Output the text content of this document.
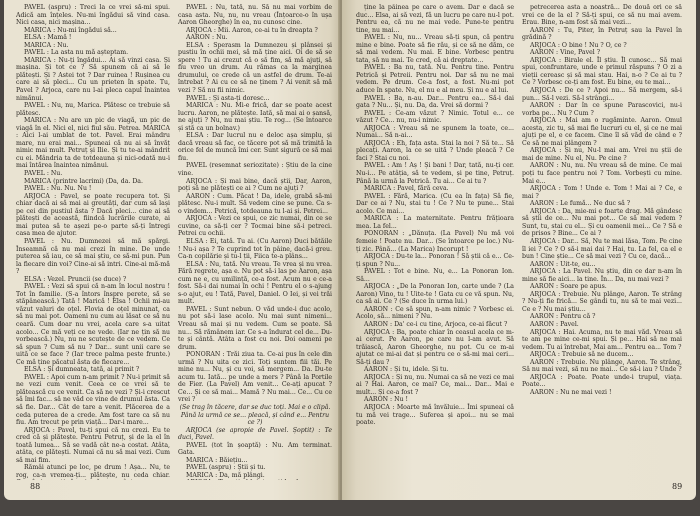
PAVEL (aspru) : Treci la ce vrei să-mi spui. Adică am înțeles. Nu-mi îngădui să vind casa. Nici casa, nici mașina...

MARICA : Nu-mi îngădui să...

ELSA : Mamă !

MARICA : Nu.

PAVEL : La asta nu mă așteptam.

MARICA : Nu-ți îngădui... Ai să vinzi casa. Și mașina. Și tot ce ? Să spunem că ai să le plătești. Și ? Astei tot ? Dar ruinea ! Rușinea cu care ai să pleci... Cu un prieten în spate. Tu, Pavel ? Arjoca, care nu l-ai pleca capul înaintea nimănui.

PAVEL : Nu, nu, Marica. Plătesc ce trebuie să plătesc.

MARICA : Nu are un pic de viagă, un pic de viagă în el. Nici el, nici fiul său. Petrea. MARICA : Aici l-ai umblat de tot. Pavel. Erai mândru mare, nu erai mai... Spuneai că nu ai să învăț nimic mai mult. Petruț și Ilie. Și tu te-ai mândrit cu ei. Mândria ta de totdeauna și nici-odată nu-i mai întărea înaintea nimănui.

PAVEL : Nu.

MARICA (printre lacrimi) (Da, da. Da.

PAVEL : Nu. Nu. Nu !

ARJOCA : Pavel, se poate recupera tot. Și chiar dacă ai să mai ai greutăți, dar cum să lași pe cei din pustiul ăsta ? Dacă pleci... cine ai să plătești de această, fiindcă lucrările curate, ai mai putea să te așezi pe-o parte să-ți întregi casa mea de ajutor.

PAVEL : Nu. Dumnezei să mă spărgi. Înseamnă că nu mai crezi în mine. De unde puterea să iau, ce să mai știu, ce să-mi pun. Pun la fiecare din voi? Cine-ai să intri. Cine-ai mă-mă ?

ELSA : Vezel. Pruncii (se duce) ?

PAVEL : Vezi să spui că n-am în locul nostru ! Tot în familie. (S-a întors înspre perete, să se stăpânească.) Tată ! Marică ! Elsa ! Ochii mi-au văzut valuri de oțel. Flovia de oțel minunat, ca să nu mai pot. Oameni nu cum au lăsat ce să nu ceară. Cum doar nu vrei, acela care s-a uitat acolo... Ce mă veți ce ne vede. (Iar ne țin să nu vorbească.) Nu, nu ne scutește de ce vedem. Ce să spun ? Cum să nu ? Dar... sunt unii care se uită ce se face ? (Iar trece palma peste frunte.) Ce mă ține păcatul ăsta de fiecare...

ELSA : Și dumneata, tată, ai primit ?

PAVEL : Apoi cum n-am primit ? Nu-i primit să ne vezi cum venit. Ceea ce ce vrei să te plătească cu ce venit. Ca să ne vezi ? Și-i crescut să îmi fac... să ne văd ce vine de drumul ăsta. Ca să fie. Dar... Cât de tare a venit. Plăcerea de a ceda puterea de a crede. Am fost tare ca să nu fiu. Am trecut pe prin viață... Dar-i mare...

ARJOCA : Pavel, tu-ți spui că nu crezi. Eu te cred că și plătește. Pentru Petruț, și de la el în toată lumea... Să se vadă cât ne-a costat. Atâta, atâta, ce plătești. Numai că nu să mai vezi. Cum să mai fim.

Rămâi atunci pe loc, pe drum ! Așa... Nu, te rog, ca-n vremea-ți... plătește, nu ceda chiar.

PAVEL : Nu, tată, nu. Să nu mai vorbim de casa asta. Nu, nu, nu vreau (Înțoarce-o în ușa Aaron Gheorghe) în ea, nu cunosc cine.

ARJOCA : Mii. Aaron, ce-ai tu în dreapta ?

AARON : Nu.

ELSA : Sperasm la Dumnezeu și plânsei și pustiu în ochii mei, să mă ține aici. Oi de să se spere ! Tu ai crezut că o să fim, să mă ajuți, să fiu vreo un drum. Au rămas ca la marginea drumului, ce crede că un astfel de drum. Te-ai întrebat ? Ai cu ce să ne ținem ? Ai venit să mă vezi ? Să nu fii nimic.

PAVEL : Și asta-ți doresc...

MARICA : Nu. Mi-e frică, dar se poate acest lucru. Aaron, ne plătește. Iată, să mai ai o șansă, ne ajuți ? Nu, nu mai știu. Te rog... (Se întoarce și stă ca un bolnav.)

ELSA : Dar lucrul nu e deloc așa simplu, și dacă vreau să fac, ce tăcere pot să mă trimită la orice fel de muncă îmi cer. Sunt sigură ce să mai fiu.

PAVEL (resemnat seriozitate) : Știu de la cine vine.

ARJOCA : Și mai bine, dacă știi, Dar, Aaron, poți să ne plătești ce ai ? Cum ne ajuți ?

AARON : Cum. Păcat ! Da, idele, grabă să-mi plătesc. Nu-i mult. Să vedem cine se pune. Ca s-o vindem... Petrică, totdeauna tu l-ai și. Petrei...

ARJOCA : Vezi ce spui, ce zic numai, din ce se cuvine, ca să-ți cer ? Tocmai bine să-i petreci. Petrei cu ochii.

ELSA : Ei, tată. Tu ai. (Cu Aaron) Duci bătăile ! Nu-i așa ? Te cuprind tot în pâine, dacă-i greu. Ca-n copilărie și tu-l ții, Fiica te-a plâns...

ELSA : Nu, tată. Nu vreau. Te vrea și nu vrea. Fără regrete, așa e. Nu pot să-i las pe Aaron, așa cum ne e, cu umilință, ce-a fost. Acum nu e ce-a fost. Să-i dai numai în ochi ! Pentru el o s-ajung s-o ajut, eu ! Tată, Pavel, Daniel. O Iei, și vei trăi mult.

PAVEL : Sunt nebun. O văd unde-i duc acolo, nu pot să-i lase acolo. Nu mai sunt nimeni... Vreau să mai și nu vedem. Cum se poate. Să nu... Să rămânem iar. Ce s-a îndurat cel de... Du-te și cântă. Atâta a fost cu noi. Doi oameni pe drum.

PONORAN : Trăi ziua ta. Ce-ai pus în cele din urmă ? Nu uita ce zici. Toți suntem fiii tăi. Pe mine nu... Nu, și cu voi, să mergem... Da. Du-te acum tu. Iată... pe unde a mers ? Până la Portile de Fier. (La Pavel) Am venit... Ce-ați apucat ? Ce... Și ce să mai... Mamă ? Nu mai... Ce... Cu ce vrei ?

(Se trag în tăcere, dar se duc toți. Mai e o clipă. Până la urmă ce se... pleacă, și când e... Pentru ce ?)

ARJOCA (se apropie de Pavel. Șoptit) : Te duci, Pavel.

PAVEL (tot în șoaptă) : Nu. Am terminat. Gata.

MARICA : Băiețiu...

PAVEL (aspru) : Știi și tu.

MARICA : Da, mă plângi.

88

ține la pâinea pe care o avem. Dar e dacă se duc... Elsa, ai să vezi, fă un lucru pe care nu-l pot. Pentru ea, că nu ne mai vede. Pune-te pentru tine, nu mai...

PAVEL : Nu, nu... Vreau să-ți spun, că pentru mine e bine. Poate să fie rău, și ce să ne dăm, ce să mai vedem. Nu mai. E bine. Vorbesc pentru tata, să nu mai. Te cred, că ai dreptate...

PAVEL : Ba nu, tată. Nu. Pentru tine. Pentru Petrică și Petreii. Pentru noi. Dar să nu ne mai vedem. Pe drum. Ce-a fost, a fost. Nu-mi pot aduce în spate. Nu, el nu e al meu. Și nu e al lui.

PAVEL : Ba, n-au. Dar... Pentru ea... Să-i dai gata ? Nu... Și, nu. Da, da. Vrei să dormi ?

PAVEL : Ce-am văzut ? Nimic. Totul e... ce văzut ? Ce... nu, nu-i nimic.

ARJOCA : Vreau să ne spunem la toate, ce... Numai... Să n-ai...

ARJOCA : Eh, fața asta. Stai la noi ? Să te... Să plecați. Aaron, la ce se uită ? Unde pleacă ? Ce faci ? Stai cu noi.

PAVEL : Am ! Aș ! Și bani ! Dar, tată, nu-ți cer. Nu-i... Pe atâția, să te vedem, și pe tine, Petruț. Până la urmă la Petrică. Tu ai... Ce ai tu ?

MARICA : Pavel, fără ceva.

PAVEL : Fără, Marica. (Cu ea în fața) Să fie, Dar ce ai ? Nu, stai tu ! Ce ? Nu te pune... Stai acolo. Ce mai...

MARICA : La maternitate. Pentru frățioara mea. La fel...

PONORAN : „Dănuța. (La Pavel) Nu mă voi femeie ! Poate nu. Dar... (Se întoarce pe loc.) Nu-ți zic. Până... (La Marica) Incorupt !

ARJOCA : Du-te la... Ponoran ! Să știi că e... Ce-ți spun ? Nu...

PAVEL : Tot e bine. Nu, e... La Ponoran Ion. Să...

ARJOCA : „De la Ponoran Ion, carte unde ? (La Aaron) Vino, tu ! Uite-te ! Gata cu ce vă spun. Nu, ca să ai. Ce ? (Se duce în urma lui.)

AARON : Ce să spun, n-am nimic ? Vorbesc ei. Acolo, să... nimeni ? Nu.

AARON : Da' ce-i cu tine, Arjoca, ce-ai făcut ?

ARJOCA : Ba, poate chiar în ceasul acela ce m-ai cerut. Pe Aaron, pe care nu l-am avut. Să trăiască, Aaron Gheorghe, nu pot. Cu ce m-ai ajutat ce mi-ai dat și pentru ce o să-mi mai ceri... Să-ți dau ?

AARON : Și tu, idele. Și tu.

ARJOCA : Și nu, nu. Numai ca să ne vezi ce mai ai ? Hai. Aaron, ce mai? Ce, mai... Dar... Mai e mult... Și ce-a fost ?

AARON : Nu !

ARJOCA : Moarte mă învăluie... Îmi spuneai că tu mă vei trage... Suferea și apoi... nu se mai poate.

petrecerea asta a noastră... De două ori ce să vrei ce de la el ? Să-ți spui, ce să nu mai avem. Erau. Bine, n-am fost să mai vezi...

AARON : Tu, Piter, în Petruț sau la Pavel în grădină ?

ARJOCA : O bine ! Nu ? O, ce ?

AARON : Vine, Pavel ?

ARJOCA : Birale el. Îl știu. Îl cunosc... Să mai spui, confruntare, unde e primul răspuns ? O zi a vieții cereasc și să mai stau. Hai, n-o ? Ce ai tu ? Ce ? Vorbesc ce-ți am fost. Eu bine, eu te mai...

ARJOCA : De ce ? Apoi nu... Să mergem, să-i pun... Să-l vezi. Să-l strângi...

AARON : Dar în ce spune Parascovici, nu-i vorba pe... Nu ? Cum ?

ARJOCA : Mai am o rugăminte. Aaron. Omul acesta, zic tu, să mai fie lucruri cu el, și ce ne mai ajuți pe el, e ce facem. Cine îl să văd de când e ? Ce să ne mai plângem ?

ARJOCA : Și nu, Nu-l mai am. Vrei nu știi de mai de mine. Nu el, Nu. Pe cine ?

AARON : Nu, nu. Nu vreau să de mine. Ce mai poți tu face pentru noi ? Tom. Vorbești cu mine. Mai e...

ARJOCA : Tom ! Unde e. Tom ! Mai ai ? Ce, e mai ?

AARON : Le fumă... Ne duc să ?

ARJOCA : Da, mie-mi e foarte drag. Mă gândesc să știi de ce... Nu mai pot... Ce să mai vedem ? Sunt, tu, stai cu el... Și cu oamenii mei... Ce ? Să e de prisos ? Bine... Ce ai ?

ARJOCA : Dar... Să, Nu te mai lăsa, Tom. Pe cine îl iei ? Ce ? O să-i mai dai ? Hai, tu. La fel, ca el e bun ! Cine știe... Ce să mai vezi ? Cu ce, dacă...

AARON : Uit-te, eu...

ARJOCA : La Pavel. Nu știu, din ce dar n-am în mine să fie aici... la tine. În... Da, nu mai vezi ?

AARON : Soare pe apus.

ARJOCA : Trebuie. Nu plânge, Aaron. Te strâng ? Nu-ți fie frică... Se gândi tu, nu să te mai vezi... Ce e ? Nu mai știu...

AARON : Pentru că ?

AARON : Pavel.

ARJOCA : Hai. Acuma, nu te mai văd. Vreau să te am pe mine ce-mi spui. Și pe... Hai să ne mai vedem. Tu ai întrebat, Mai am... Pentru ea... Tom ?

ARJOCA : Trebuie să ne ducem...

AARON : Trebuie. Nu plânge, Aaron. Te strâng, Să nu mai vezi, să nu ne mai... Ce să-i iau ? Unde ?

ARJOCA : Poate. Poate unde-i trupul, viața. Poate...

AARON : Nu ne mai vezi !

89
